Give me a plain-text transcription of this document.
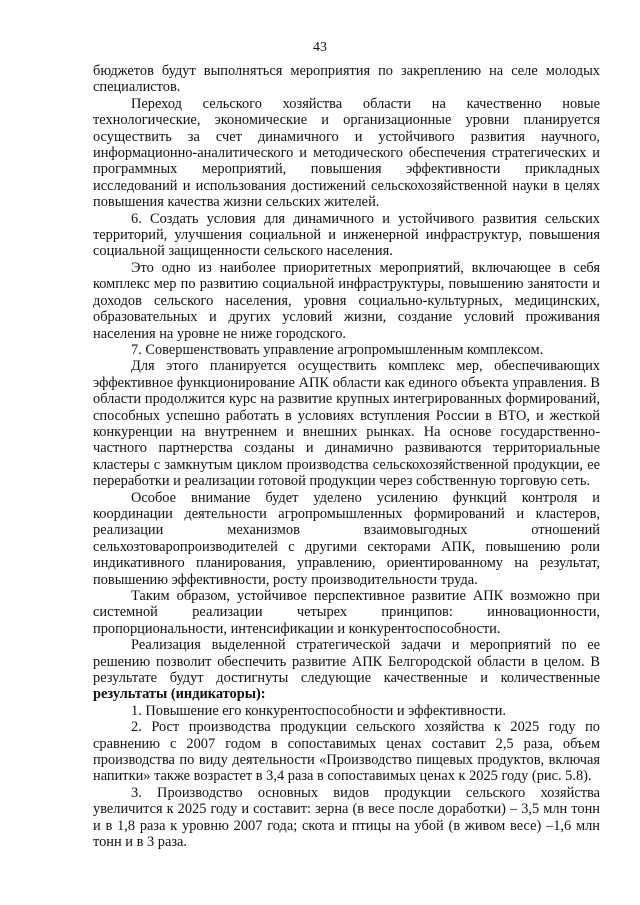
43

бюджетов будут выполняться мероприятия по закреплению на селе молодых специалистов.

Переход сельского хозяйства области на качественно новые технологические, экономические и организационные уровни планируется осуществить за счет динамичного и устойчивого развития научного, информационно-аналитического и методического обеспечения стратегических и программных мероприятий, повышения эффективности прикладных исследований и использования достижений сельскохозяйственной науки в целях повышения качества жизни сельских жителей.

6. Создать условия для динамичного и устойчивого развития сельских территорий, улучшения социальной и инженерной инфраструктур, повышения социальной защищенности сельского населения.

Это одно из наиболее приоритетных мероприятий, включающее в себя комплекс мер по развитию социальной инфраструктуры, повышению занятости и доходов сельского населения, уровня социально-культурных, медицинских, образовательных и других условий жизни, создание условий проживания населения на уровне не ниже городского.

7. Совершенствовать управление агропромышленным комплексом.

Для этого планируется осуществить комплекс мер, обеспечивающих эффективное функционирование АПК области как единого объекта управления. В области продолжится курс на развитие крупных интегрированных формирований, способных успешно работать в условиях вступления России в ВТО, и жесткой конкуренции на внутреннем и внешних рынках. На основе государственно-частного партнерства созданы и динамично развиваются территориальные кластеры с замкнутым циклом производства сельскохозяйственной продукции, ее переработки и реализации готовой продукции через собственную торговую сеть.

Особое внимание будет уделено усилению функций контроля и координации деятельности агропромышленных формирований и кластеров, реализации механизмов взаимовыгодных отношений сельхозтоваропроизводителей с другими секторами АПК, повышению роли индикативного планирования, управлению, ориентированному на результат, повышению эффективности, росту производительности труда.

Таким образом, устойчивое перспективное развитие АПК возможно при системной реализации четырех принципов: инновационности, пропорциональности, интенсификации и конкурентоспособности.

Реализация выделенной стратегической задачи и мероприятий по ее решению позволит обеспечить развитие АПК Белгородской области в целом. В результате будут достигнуты следующие качественные и количественные результаты (индикаторы):

1. Повышение его конкурентоспособности и эффективности.

2. Рост производства продукции сельского хозяйства к 2025 году по сравнению с 2007 годом в сопоставимых ценах составит 2,5 раза, объем производства по виду деятельности «Производство пищевых продуктов, включая напитки» также возрастет в 3,4 раза в сопоставимых ценах к 2025 году (рис. 5.8).

3. Производство основных видов продукции сельского хозяйства увеличится к 2025 году и составит: зерна (в весе после доработки) – 3,5 млн тонн и в 1,8 раза к уровню 2007 года; скота и птицы на убой (в живом весе) –1,6 млн тонн и в 3 раза.
